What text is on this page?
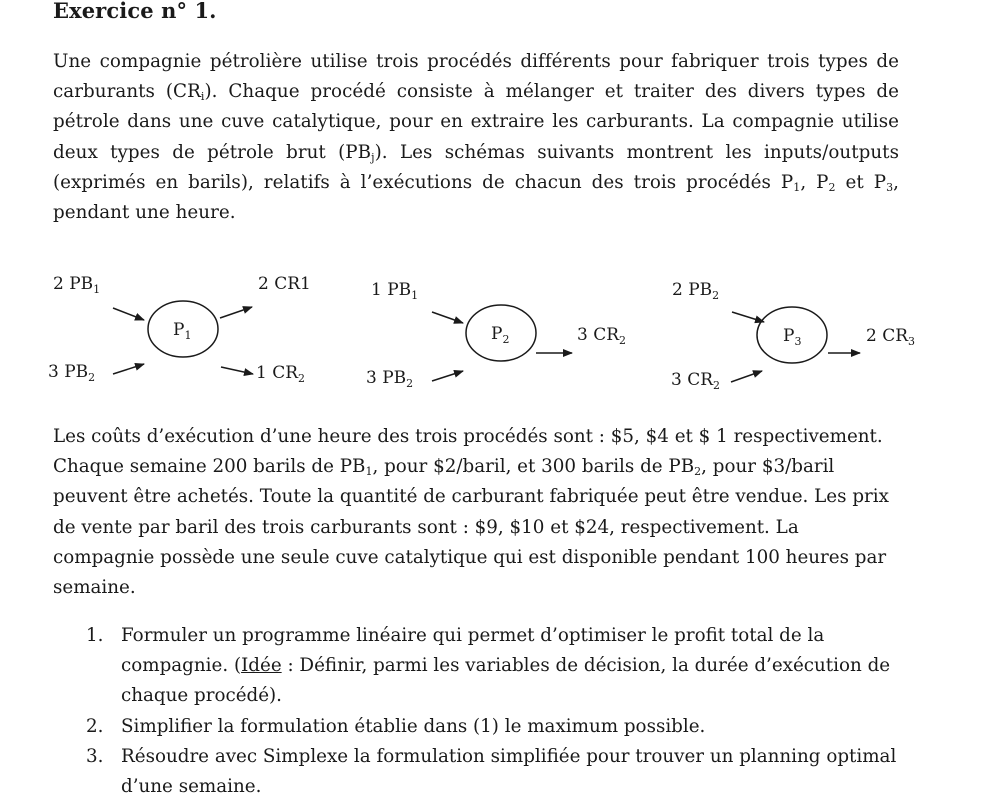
Exercice n° 1.

Une compagnie pétrolière utilise trois procédés différents pour fabriquer trois types de carburants $(CR_i)$. Chaque procédé consiste à mélanger et traiter des divers types de pétrole dans une cuve catalytique, pour en extraire les carburants. La compagnie utilise deux types de pétrole brut $(PB_j)$. Les schémas suivants montrent les inputs/outputs (exprimés en barils), relatifs à l’exécutions de chacun des trois procédés $P_1$, $P_2$ et $P_3$, pendant une heure.

2 $PB_1$
3 $PB_2$
$P_1$
2 CR1
1 $CR_2$
1 $PB_1$
3 $PB_2$
$P_2$	3 $CR_2$
2 $PB_2$
3 $CR_2$
$P_3$	2 $CR_3$

Les coûts d’exécution d’une heure des trois procédés sont : $5, $4 et $ 1 respectivement. Chaque semaine 200 barils de $PB_1$, pour $2/baril, et 300 barils de $PB_2$, pour $3/baril peuvent être achetés. Toute la quantité de carburant fabriquée peut être vendue. Les prix de vente par baril des trois carburants sont : $9, $10 et $24, respectivement. La compagnie possède une seule cuve catalytique qui est disponible pendant 100 heures par semaine.

1. Formuler un programme linéaire qui permet d’optimiser le profit total de la compagnie. (Idée : Définir, parmi les variables de décision, la durée d’exécution de chaque procédé).
2. Simplifier la formulation établie dans (1) le maximum possible.
3. Résoudre avec Simplexe la formulation simplifiée pour trouver un planning optimal d’une semaine.
